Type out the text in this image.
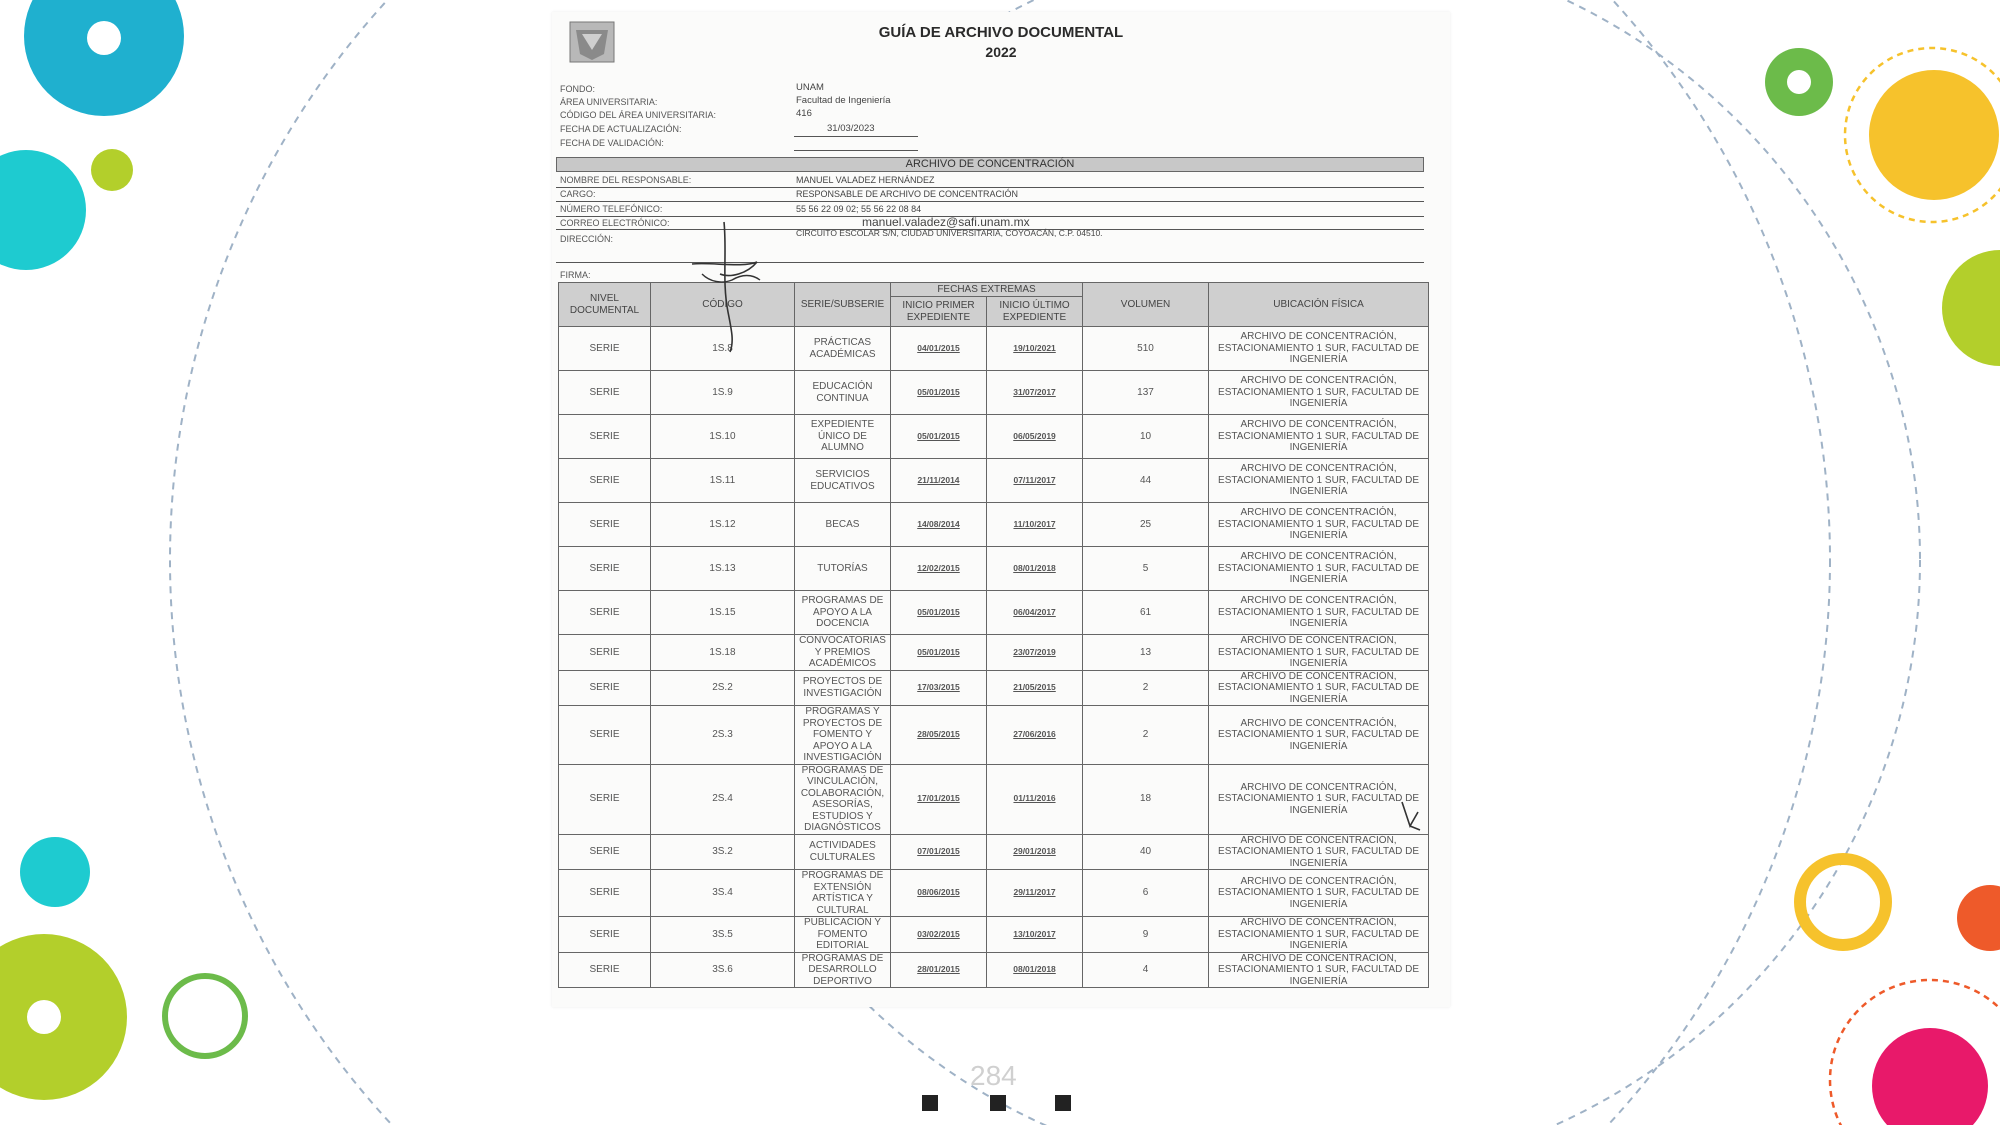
GUÍA DE ARCHIVO DOCUMENTAL
2022
FONDO:	UNAM
ÁREA UNIVERSITARIA:	Facultad de Ingeniería
CÓDIGO DEL ÁREA UNIVERSITARIA:	416
FECHA DE ACTUALIZACIÓN:	31/03/2023
FECHA DE VALIDACIÓN:
ARCHIVO DE CONCENTRACIÓN
NOMBRE DEL RESPONSABLE:	MANUEL VALADEZ HERNÁNDEZ
CARGO:	RESPONSABLE DE ARCHIVO DE CONCENTRACIÓN
NÚMERO TELEFÓNICO:	55 56 22 09 02; 55 56 22 08 84
CORREO ELECTRÓNICO:	manuel.valadez@safi.unam.mx
DIRECCIÓN:
CIRCUITO ESCOLAR S/N, CIUDAD UNIVERSITARIA, COYOACÁN, C.P. 04510.
FIRMA:
NIVEL DOCUMENTAL	CÓDIGO	SERIE/SUBSERIE	FECHAS EXTREMAS		VOLUMEN	UBICACIÓN FÍSICA
			INICIO PRIMER EXPEDIENTE	INICIO ÚLTIMO EXPEDIENTE		
SERIE	1S.8	PRÁCTICAS ACADÉMICAS	04/01/2015	19/10/2021	510	ARCHIVO DE CONCENTRACIÓN, ESTACIONAMIENTO 1 SUR, FACULTAD DE INGENIERÍA
SERIE	1S.9	EDUCACIÓN CONTINUA	05/01/2015	31/07/2017	137	ARCHIVO DE CONCENTRACIÓN, ESTACIONAMIENTO 1 SUR, FACULTAD DE INGENIERÍA
SERIE	1S.10	EXPEDIENTE ÚNICO DE ALUMNO	05/01/2015	06/05/2019	10	ARCHIVO DE CONCENTRACIÓN, ESTACIONAMIENTO 1 SUR, FACULTAD DE INGENIERÍA
SERIE	1S.11	SERVICIOS EDUCATIVOS	21/11/2014	07/11/2017	44	ARCHIVO DE CONCENTRACIÓN, ESTACIONAMIENTO 1 SUR, FACULTAD DE INGENIERÍA
SERIE	1S.12	BECAS	14/08/2014	11/10/2017	25	ARCHIVO DE CONCENTRACIÓN, ESTACIONAMIENTO 1 SUR, FACULTAD DE INGENIERÍA
SERIE	1S.13	TUTORÍAS	12/02/2015	08/01/2018	5	ARCHIVO DE CONCENTRACIÓN, ESTACIONAMIENTO 1 SUR, FACULTAD DE INGENIERÍA
SERIE	1S.15	PROGRAMAS DE APOYO A LA DOCENCIA	05/01/2015	06/04/2017	61	ARCHIVO DE CONCENTRACIÓN, ESTACIONAMIENTO 1 SUR, FACULTAD DE INGENIERÍA
SERIE	1S.18	CONVOCATORIAS Y PREMIOS ACADÉMICOS	05/01/2015	23/07/2019	13	ARCHIVO DE CONCENTRACIÓN, ESTACIONAMIENTO 1 SUR, FACULTAD DE INGENIERÍA
SERIE	2S.2	PROYECTOS DE INVESTIGACIÓN	17/03/2015	21/05/2015	2	ARCHIVO DE CONCENTRACIÓN, ESTACIONAMIENTO 1 SUR, FACULTAD DE INGENIERÍA
SERIE	2S.3	PROGRAMAS Y PROYECTOS DE FOMENTO Y APOYO A LA INVESTIGACIÓN	28/05/2015	27/06/2016	2	ARCHIVO DE CONCENTRACIÓN, ESTACIONAMIENTO 1 SUR, FACULTAD DE INGENIERÍA
SERIE	2S.4	PROGRAMAS DE VINCULACIÓN, COLABORACIÓN, ASESORÍAS, ESTUDIOS Y DIAGNÓSTICOS	17/01/2015	01/11/2016	18	ARCHIVO DE CONCENTRACIÓN, ESTACIONAMIENTO 1 SUR, FACULTAD DE INGENIERÍA
SERIE	3S.2	ACTIVIDADES CULTURALES	07/01/2015	29/01/2018	40	ARCHIVO DE CONCENTRACIÓN, ESTACIONAMIENTO 1 SUR, FACULTAD DE INGENIERÍA
SERIE	3S.4	PROGRAMAS DE EXTENSIÓN ARTÍSTICA Y CULTURAL	08/06/2015	29/11/2017	6	ARCHIVO DE CONCENTRACIÓN, ESTACIONAMIENTO 1 SUR, FACULTAD DE INGENIERÍA
SERIE	3S.5	PUBLICACIÓN Y FOMENTO EDITORIAL	03/02/2015	13/10/2017	9	ARCHIVO DE CONCENTRACIÓN, ESTACIONAMIENTO 1 SUR, FACULTAD DE INGENIERÍA
SERIE	3S.6	PROGRAMAS DE DESARROLLO DEPORTIVO	28/01/2015	08/01/2018	4	ARCHIVO DE CONCENTRACIÓN, ESTACIONAMIENTO 1 SUR, FACULTAD DE INGENIERÍA
284
